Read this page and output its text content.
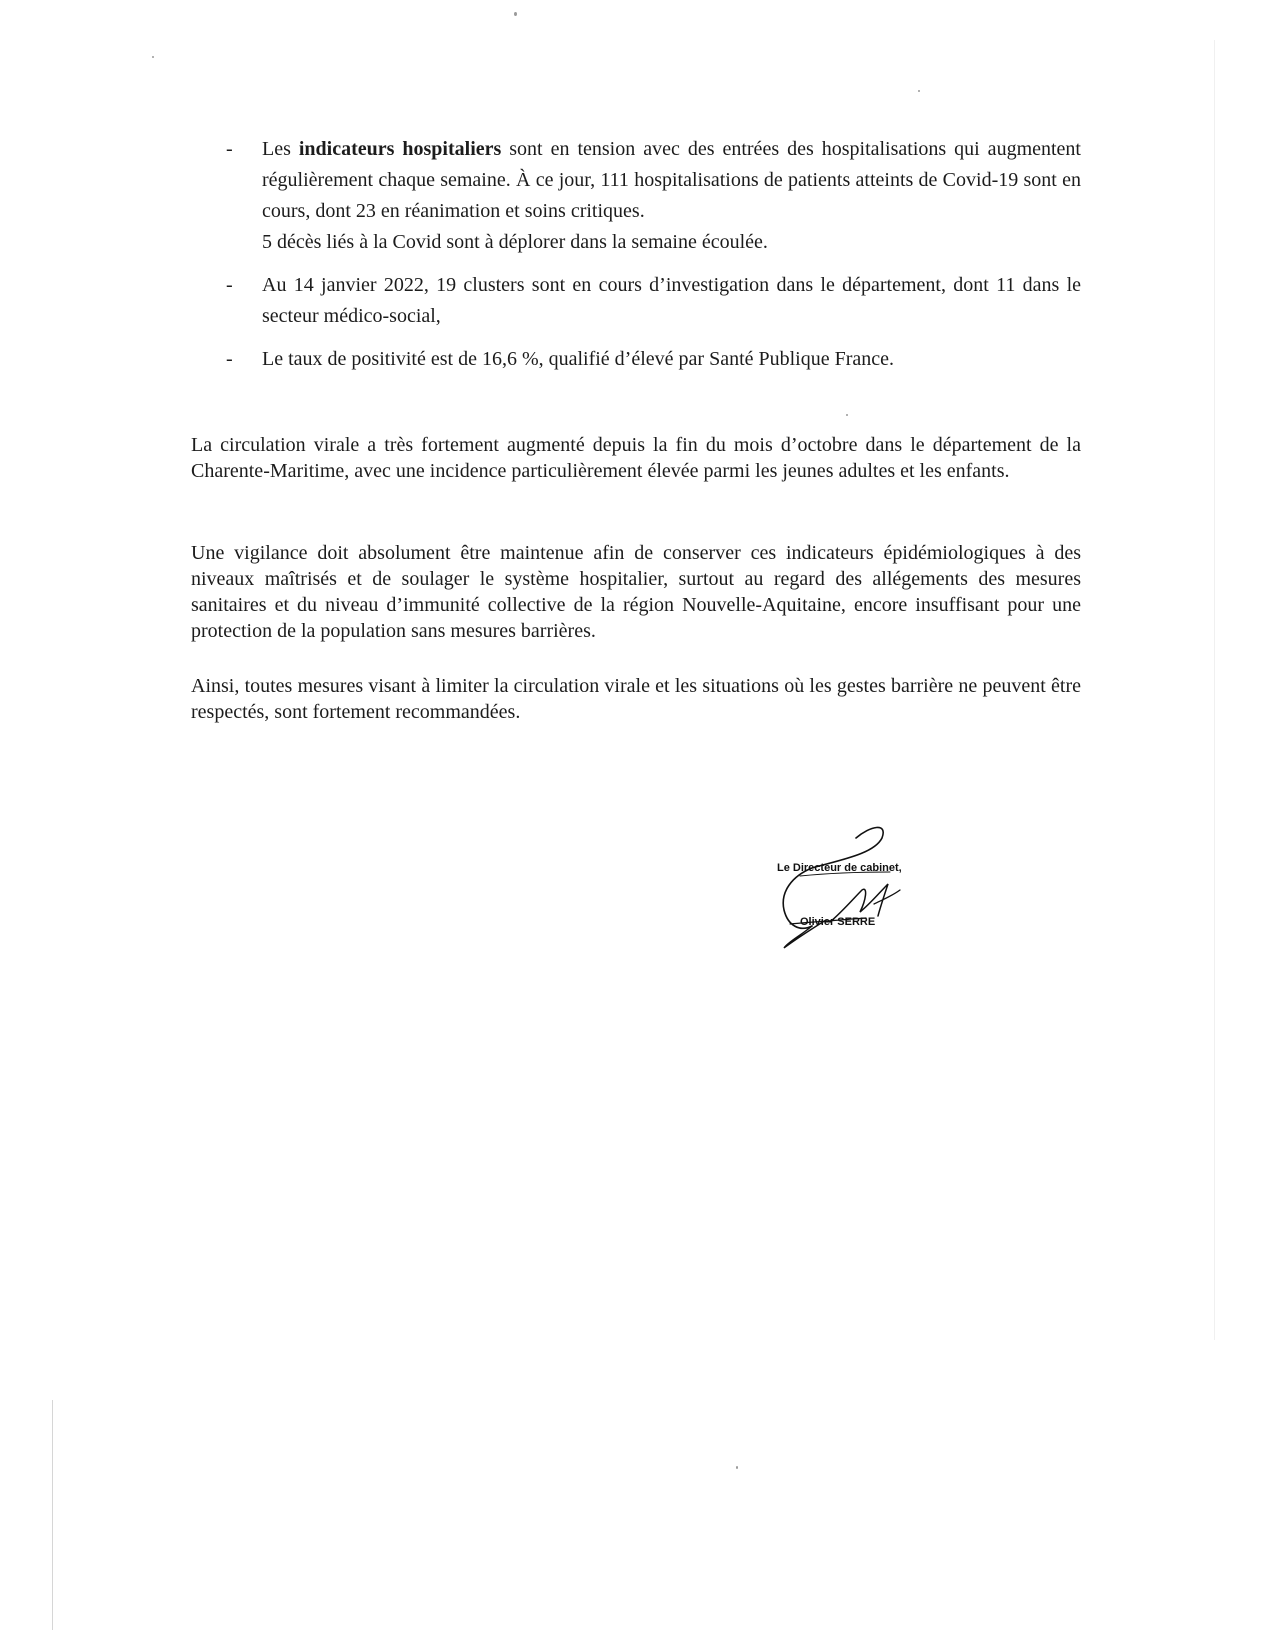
- Les indicateurs hospitaliers sont en tension avec des entrées des hospitalisations qui augmentent régulièrement chaque semaine. À ce jour, 111 hospitalisations de patients atteints de Covid-19 sont en cours, dont 23 en réanimation et soins critiques.

5 décès liés à la Covid sont à déplorer dans la semaine écoulée.

- Au 14 janvier 2022, 19 clusters sont en cours d’investigation dans le département, dont 11 dans le secteur médico-social,

- Le taux de positivité est de 16,6 %, qualifié d’élevé par Santé Publique France.

La circulation virale a très fortement augmenté depuis la fin du mois d’octobre dans le département de la Charente-Maritime, avec une incidence particulièrement élevée parmi les jeunes adultes et les enfants.

Une vigilance doit absolument être maintenue afin de conserver ces indicateurs épidémiologiques à des niveaux maîtrisés et de soulager le système hospitalier, surtout au regard des allégements des mesures sanitaires et du niveau d’immunité collective de la région Nouvelle-Aquitaine, encore insuffisant pour une protection de la population sans mesures barrières.

Ainsi, toutes mesures visant à limiter la circulation virale et les situations où les gestes barrière ne peuvent être respectés, sont fortement recommandées.

Le Directeur de cabinet,
Olivier SERRE
